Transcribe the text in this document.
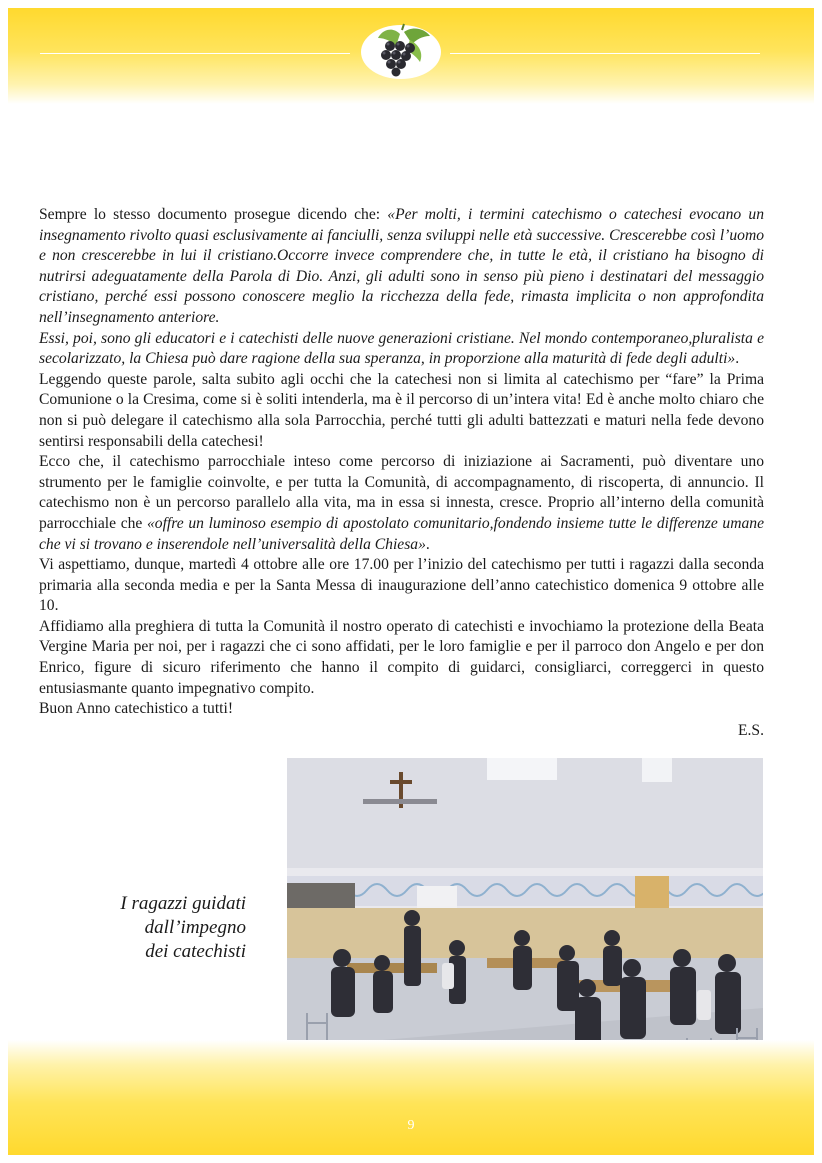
Sempre lo stesso documento prosegue dicendo che: «Per molti, i termini catechismo o catechesi evocano un insegnamento rivolto quasi esclusivamente ai fanciulli, senza sviluppi nelle età successive. Crescerebbe così l’uomo e non crescerebbe in lui il cristiano.Occorre invece comprendere che, in tutte le età, il cristiano ha bisogno di nutrirsi adeguatamente della Parola di Dio. Anzi, gli adulti sono in senso più pieno i destinatari del messaggio cristiano, perché essi possono conoscere meglio la ricchezza della fede, rimasta implicita o non approfondita nell’insegnamento anteriore.

Essi, poi, sono gli educatori e i catechisti delle nuove generazioni cristiane. Nel mondo contemporaneo,pluralista e secolarizzato, la Chiesa può dare ragione della sua speranza, in proporzione alla maturità di fede degli adulti».

Leggendo queste parole, salta subito agli occhi che la catechesi non si limita al catechismo per “fare” la Prima Comunione o la Cresima, come si è soliti intenderla, ma è il percorso di un’intera vita! Ed è anche molto chiaro che non si può delegare il catechismo alla sola Parrocchia, perché tutti gli adulti battezzati e maturi nella fede devono sentirsi responsabili della catechesi!

Ecco che, il catechismo parrocchiale inteso come percorso di iniziazione ai Sacramenti, può diventare uno strumento per le famiglie coinvolte, e per tutta la Comunità, di accompagnamento, di riscoperta, di annuncio. Il catechismo non è un percorso parallelo alla vita, ma in essa si innesta, cresce. Proprio all’interno della comunità parrocchiale che «offre un luminoso esempio di apostolato comunitario,fondendo insieme tutte le differenze umane che vi si trovano e inserendole nell’universalità della Chiesa».

Vi aspettiamo, dunque, martedì 4 ottobre alle ore 17.00 per l’inizio del catechismo per tutti i ragazzi dalla seconda primaria alla seconda media e per la Santa Messa di inaugurazione dell’anno catechistico domenica 9 ottobre alle 10.

Affidiamo alla preghiera di tutta la Comunità il nostro operato di catechisti e invochiamo la protezione della Beata Vergine Maria per noi, per i ragazzi che ci sono affidati, per le loro famiglie e per il parroco don Angelo e per don Enrico, figure di sicuro riferimento che hanno il compito di guidarci, consigliarci, correggerci in questo entusiasmante quanto impegnativo compito.

Buon Anno catechistico a tutti!

E.S.
I ragazzi guidati
dall’impegno
dei catechisti
9
